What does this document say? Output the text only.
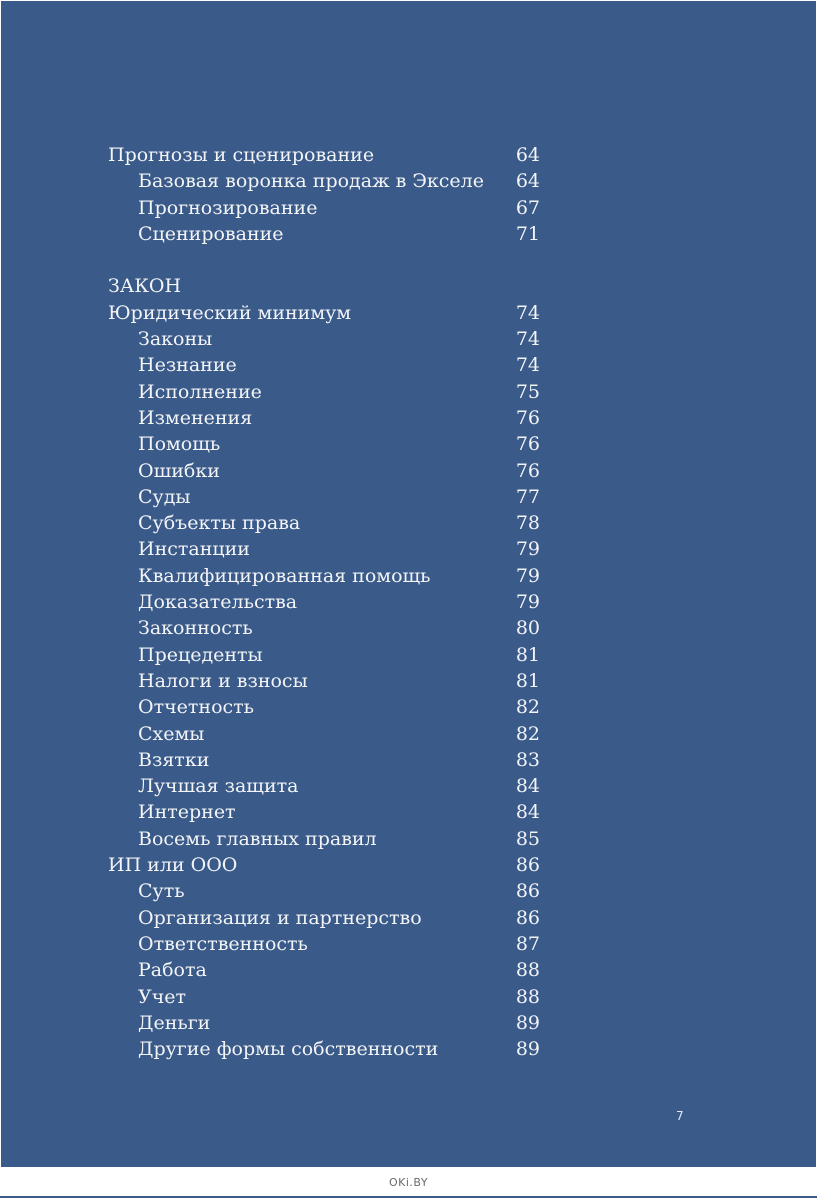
Прогнозы и сценирование	64
Базовая воронка продаж в Экселе 64
Прогнозирование	67
Сценирование	71
ЗАКОН
Юридический минимум	74
Законы	74
Незнание	74
Исполнение	75
Изменения	76
Помощь	76
Ошибки	76
Суды	77
Субъекты права	78
Инстанции	79
Квалифицированная помощь	79
Доказательства	79
Законность	80
Прецеденты	81
Налоги и взносы	81
Отчетность	82
Схемы	82
Взятки	83
Лучшая защита	84
Интернет	84
Восемь главных правил	85
ИП или ООО	86
Суть	86
Организация и партнерство	86
Ответственность	87
Работа	88
Учет	88
Деньги	89
Другие формы собственности	89
7
OKi.BY
